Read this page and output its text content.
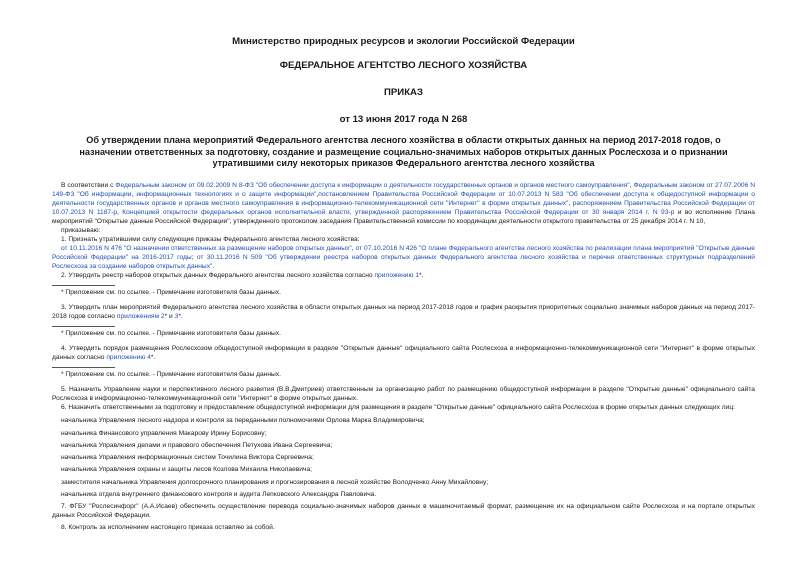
Министерство природных ресурсов и экологии Российской Федерации
ФЕДЕРАЛЬНОЕ АГЕНТСТВО ЛЕСНОГО ХОЗЯЙСТВА
ПРИКАЗ
от 13 июня 2017 года N 268
Об утверждении плана мероприятий Федерального агентства лесного хозяйства в области открытых данных на период 2017-2018 годов, о назначении ответственных за подготовку, создание и размещение социально-значимых наборов открытых данных Рослесхоза и о признании утратившими силу некоторых приказов Федерального агентства лесного хозяйства

В соответствии с Федеральным законом от 09.02.2009 N 8-ФЗ "Об обеспечении доступа к информации о деятельности государственных органов и органов местного самоуправления", Федеральным законом от 27.07.2006 N 149-ФЗ "Об информации, информационных технологиях и о защите информации",постановлением Правительства Российской Федерации от 10.07.2013 N 583 "Об обеспечении доступа к общедоступной информации о деятельности государственных органов и органов местного самоуправления в информационно-телекоммуникационной сети "Интернет" в форме открытых данных", распоряжением Правительства Российской Федерации от 10.07.2013 N 1187-р, Концепцией открытости федеральных органов исполнительной власти, утвержденной распоряжением Правительства Российской Федерации от 30 января 2014 г. N 93-р и во исполнение Плана мероприятий "Открытые данные Российской Федерации", утвержденного протоколом заседания Правительственной комиссии по координации деятельности открытого правительства от 25 декабря 2014 г. N 10,

приказываю:

1. Признать утратившими силу следующие приказы Федерального агентства лесного хозяйства:

от 10.11.2016 N 476 "О назначении ответственных за размещение наборов открытых данных", от 07.10.2016 N 426 "О плане Федерального агентства лесного хозяйства по реализации плана мероприятий "Открытые данные Российской Федерации" на 2016-2017 годы; от 30.11.2016 N 509 "Об утверждении реестра наборов открытых данных Федерального агентства лесного хозяйства и перечня ответственных структурных подразделений Рослесхоза за создание наборов открытых данных".

2. Утвердить реестр наборов открытых данных Федерального агентства лесного хозяйства согласно приложению 1*.

* Приложение см. по ссылке. - Примечание изготовителя базы данных.

3. Утвердить план мероприятий Федерального агентства лесного хозяйства в области открытых данных на период 2017-2018 годов и график раскрытия приоритетных социально значимых наборов данных на период 2017-2018 годов согласно приложениям 2* и 3*.

* Приложение см. по ссылке. - Примечание изготовителя базы данных.

4. Утвердить порядок размещения Рослесхозом общедоступной информации в разделе "Открытые данные" официального сайта Рослесхоза в информационно-телекоммуникационной сети "Интернет" в форме открытых данных согласно приложению 4*.

* Приложение см. по ссылке. - Примечание изготовителя базы данных.

5. Назначить Управление науки и перспективного лесного развития (В.В.Дмитриев) ответственным за организацию работ по размещению общедоступной информации в разделе "Открытые данные" официального сайта Рослесхоза в информационно-телекоммуникационной сети "Интернет" в форме открытых данных.

6. Назначить ответственными за подготовку и предоставление общедоступной информации для размещения в разделе "Открытые данные" официального сайта Рослесхоза в форме открытых данных следующих лиц:

начальника Управления лесного надзора и контроля за переданными полномочиями Орлова Марка Владимировича;

начальника Финансового управления Макарову Ирину Борисовну;

начальника Управления делами и правового обеспечения Петухова Ивана Сергеевича;

начальника Управления информационных систем Точилина Виктора Сергеевича;

начальника Управления охраны и защиты лесов Козлова Михаила Николаевича;

заместителя начальника Управления долгосрочного планирования и прогнозирования в лесной хозяйстве Володченко Анну Михайловну;

начальника отдела внутреннего финансового контроля и аудита Лепковского Александра Павловича.

7. ФГБУ "Рослесинфорг" (А.А.Исаев) обеспечить осуществление перевода социально-значимых наборов данных в машиночитаемый формат, размещение их на официальном сайте Рослесхоза и на портале открытых данных Российской Федерации.

8. Контроль за исполнением настоящего приказа оставляю за собой.
